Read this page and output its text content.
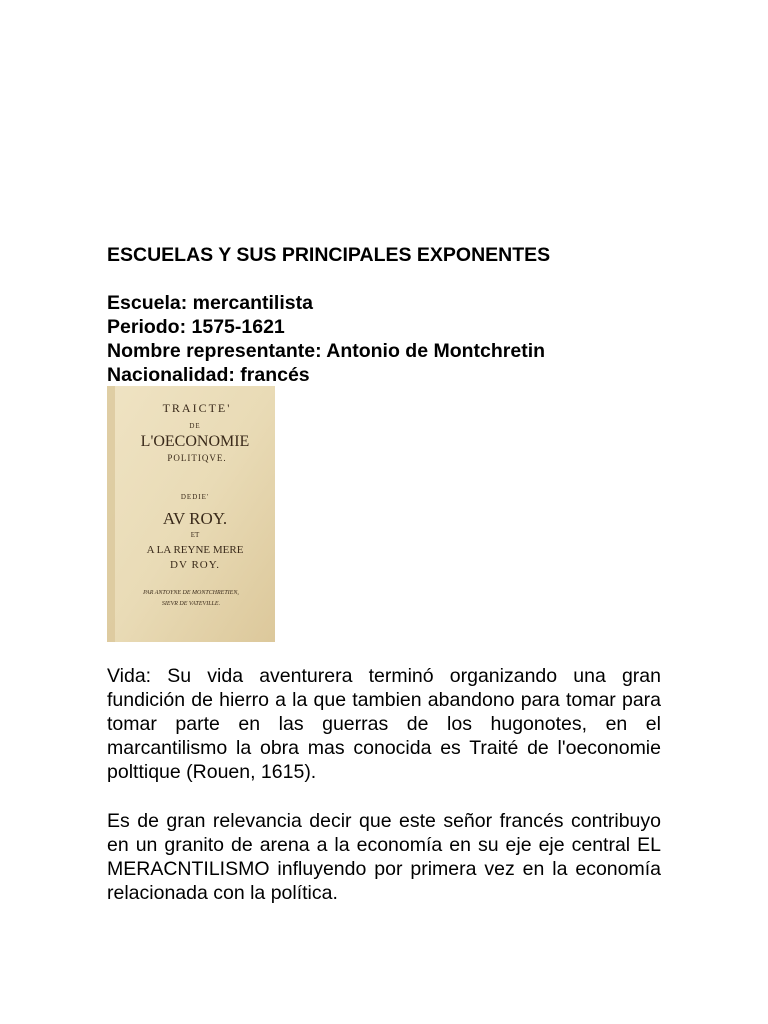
ESCUELAS Y SUS PRINCIPALES EXPONENTES
Escuela: mercantilista
Periodo: 1575-1621
Nombre representante: Antonio de Montchretin
Nacionalidad: francés
TRAICTE'
DE
L'OECONOMIE
POLITIQVE.
DEDIE'
AV ROY.
ET
A LA REYNE MERE
DV ROY.
PAR ANTOYNE DE MONTCHRETIEN,
SIEVR DE VATEVILLE.

Vida: Su vida aventurera terminó organizando una gran fundición de hierro a la que tambien abandono para tomar para tomar parte en las guerras de los hugonotes, en el marcantilismo la obra mas conocida es Traité de l'oeconomie polttique (Rouen, 1615).

Es de gran relevancia decir que este señor francés contribuyo en un granito de arena a la economía en su eje eje central EL MERACNTILISMO influyendo por primera vez en la economía relacionada con la política.
